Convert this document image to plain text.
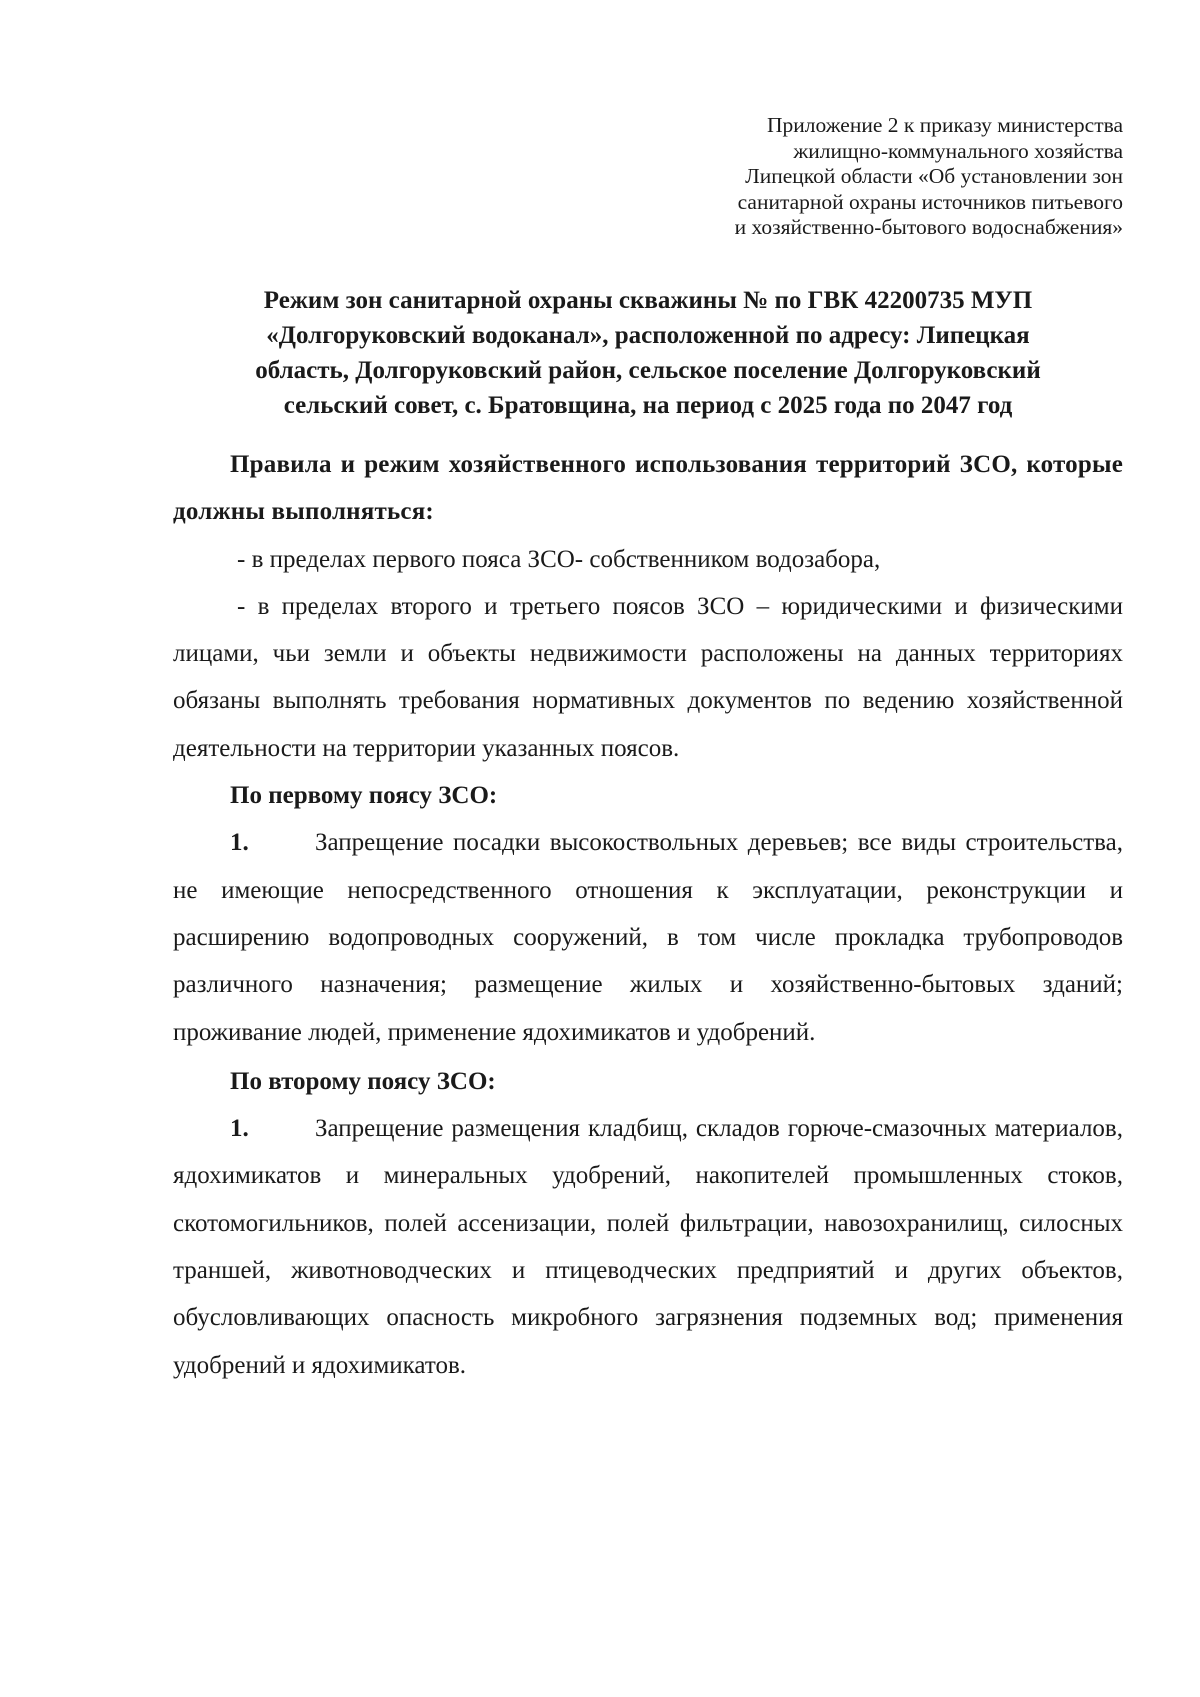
Приложение 2 к приказу министерства
жилищно-коммунального хозяйства
Липецкой области «Об установлении зон
санитарной охраны источников питьевого
и хозяйственно-бытового водоснабжения»
Режим зон санитарной охраны скважины № по ГВК 42200735 МУП
«Долгоруковский водоканал», расположенной по адресу: Липецкая
область, Долгоруковский район, сельское поселение Долгоруковский
сельский совет, с. Братовщина, на период с 2025 года по 2047 год

Правила и режим хозяйственного использования территорий ЗСО, которые должны выполняться:

- в пределах первого пояса ЗСО- собственником водозабора,

- в пределах второго и третьего поясов ЗСО – юридическими и физическими лицами, чьи земли и объекты недвижимости расположены на данных территориях обязаны выполнять требования нормативных документов по ведению хозяйственной деятельности на территории указанных поясов.

По первому поясу ЗСО:

1.	Запрещение посадки высокоствольных деревьев; все виды строительства, не имеющие непосредственного отношения к эксплуатации, реконструкции и расширению водопроводных сооружений, в том числе прокладка трубопроводов различного назначения; размещение жилых и хозяйственно-бытовых зданий; проживание людей, применение ядохимикатов и удобрений.

По второму поясу ЗСО:

1.	Запрещение размещения кладбищ, складов горюче-смазочных материалов, ядохимикатов и минеральных удобрений, накопителей промышленных стоков, скотомогильников, полей ассенизации, полей фильтрации, навозохранилищ, силосных траншей, животноводческих и птицеводческих предприятий и других объектов, обусловливающих опасность микробного загрязнения подземных вод; применения удобрений и ядохимикатов.
